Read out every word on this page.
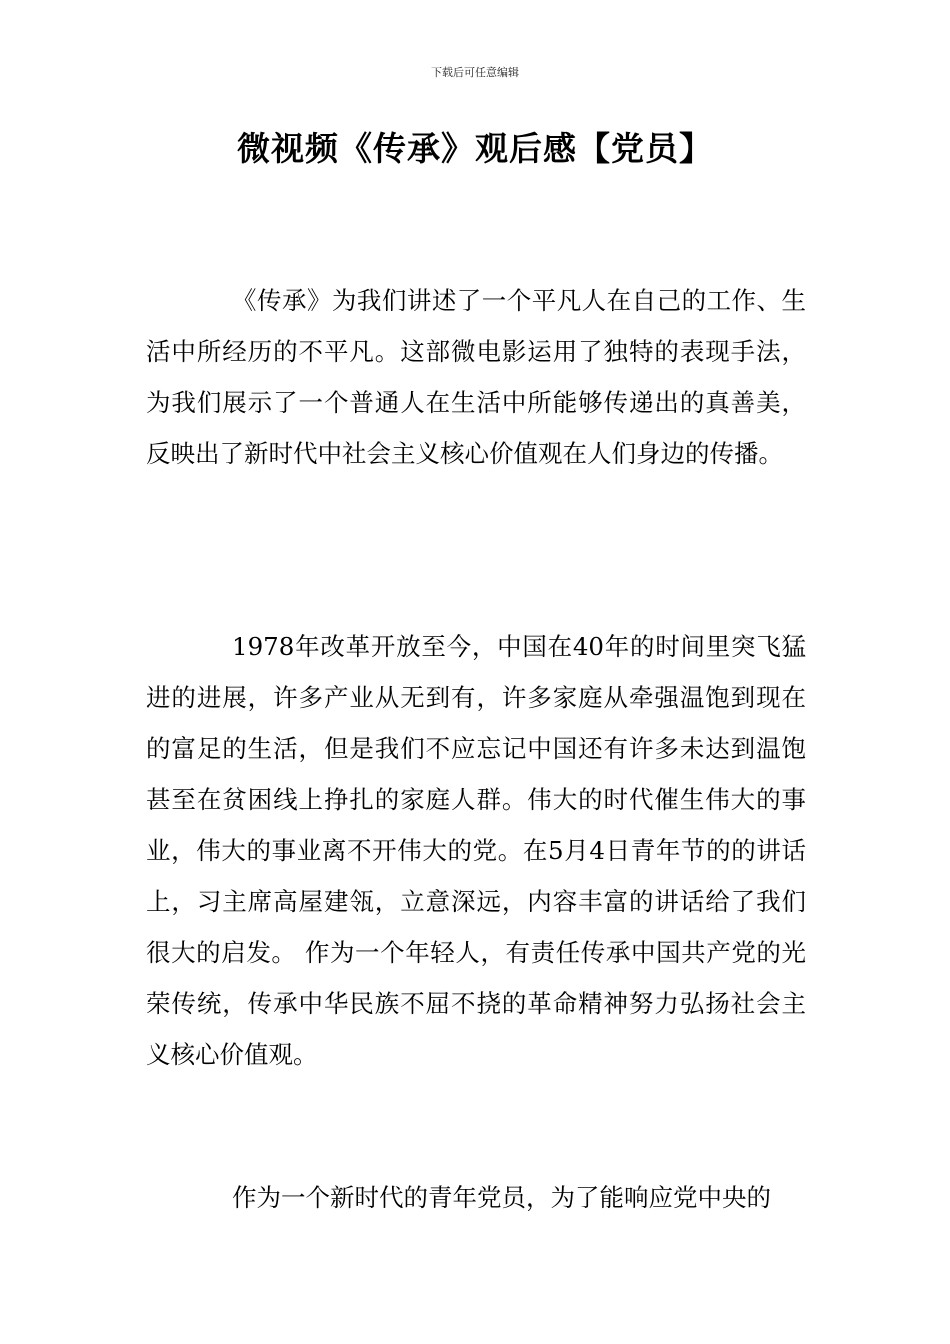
下载后可任意编辑
微视频《传承》观后感【党员】

《传承》为我们讲述了一个平凡人在自己的工作、生活中所经历的不平凡。这部微电影运用了独特的表现手法，为我们展示了一个普通人在生活中所能够传递出的真善美，反映出了新时代中社会主义核心价值观在人们身边的传播。

1978年改革开放至今，中国在40年的时间里突飞猛进的进展，许多产业从无到有，许多家庭从牵强温饱到现在的富足的生活，但是我们不应忘记中国还有许多未达到温饱甚至在贫困线上挣扎的家庭人群。伟大的时代催生伟大的事业，伟大的事业离不开伟大的党。在5月4日青年节的的讲话上，习主席高屋建瓴，立意深远，内容丰富的讲话给了我们很大的启发。 作为一个年轻人，有责任传承中国共产党的光荣传统，传承中华民族不屈不挠的革命精神努力弘扬社会主义核心价值观。

作为一个新时代的青年党员，为了能响应党中央的
